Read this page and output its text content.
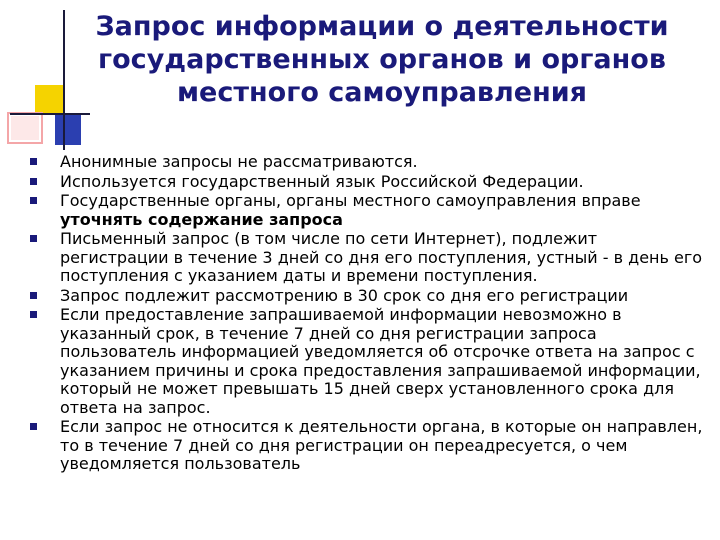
Запрос информации о деятельности
государственных органов и органов
местного самоуправления
Анонимные запросы не рассматриваются.
Используется государственный язык Российской Федерации.
Государственные органы, органы местного самоуправления вправе
уточнять содержание запроса
Письменный запрос (в том числе по сети Интернет), подлежит регистрации в течение 3 дней со дня его поступления, устный - в день его поступления с указанием даты и времени поступления.
Запрос подлежит рассмотрению в 30 срок со дня его регистрации
Если предоставление запрашиваемой информации невозможно в указанный срок, в течение 7 дней со дня регистрации запроса пользователь информацией уведомляется об отсрочке ответа на запрос с указанием причины и срока предоставления запрашиваемой информации, который не может превышать 15 дней сверх установленного срока для ответа на запрос.
Если запрос не относится к деятельности органа, в которые он направлен, то в течение 7 дней со дня регистрации он переадресуется, о чем уведомляется пользователь
